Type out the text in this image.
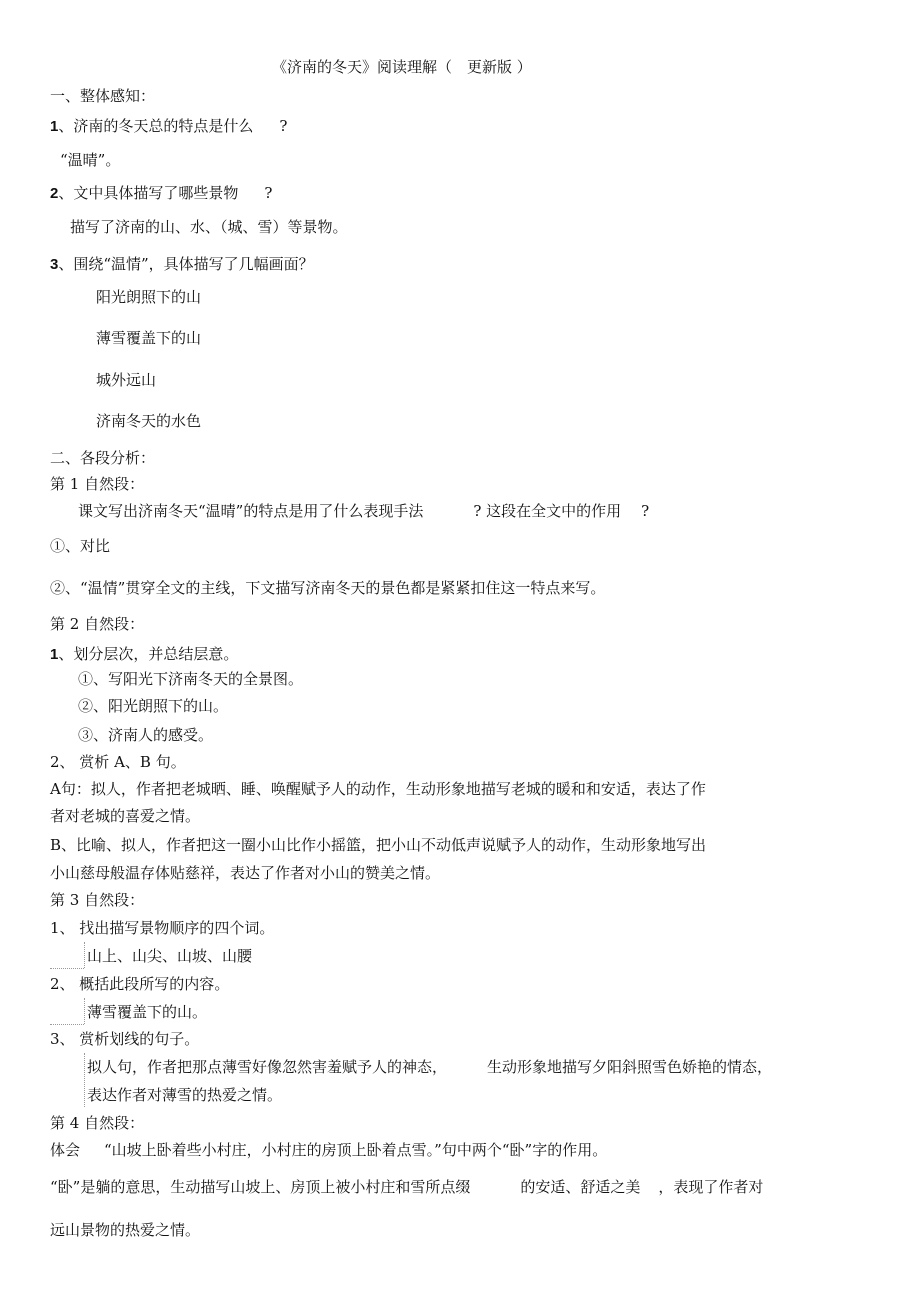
《济南的冬天》阅读理解（　更新版 ）
一、整体感知：
1、济南的冬天总的特点是什么 ?
“温晴”。
2、文中具体描写了哪些景物 ?
描写了济南的山、水、（城、雪）等景物。
3、围绕“温情”，具体描写了几幅画面？
阳光朗照下的山
薄雪覆盖下的山
城外远山
济南冬天的水色
二、各段分析：
第 1 自然段：
课文写出济南冬天“温晴”的特点是用了什么表现手法	? 这段在全文中的作用 ?
①、对比
②、“温情”贯穿全文的主线，下文描写济南冬天的景色都是紧紧扣住这一特点来写。
第 2 自然段：
1、划分层次，并总结层意。
①、写阳光下济南冬天的全景图。
②、阳光朗照下的山。
③、济南人的感受。
2、 赏析 A、B 句。
A句：拟人，作者把老城晒、睡、唤醒赋予人的动作，生动形象地描写老城的暖和和安适，表达了作
者对老城的喜爱之情。
B、比喻、拟人，作者把这一圈小山比作小摇篮，把小山不动低声说赋予人的动作，生动形象地写出
小山慈母般温存体贴慈祥，表达了作者对小山的赞美之情。
第 3 自然段：
1、 找出描写景物顺序的四个词。
山上、山尖、山坡、山腰
2、 概括此段所写的内容。
薄雪覆盖下的山。
3、 赏析划线的句子。
拟人句，作者把那点薄雪好像忽然害羞赋予人的神态，	生动形象地描写夕阳斜照雪色娇艳的情态，
表达作者对薄雪的热爱之情。
第 4 自然段：
体会 “山坡上卧着些小村庄，小村庄的房顶上卧着点雪。”句中两个“卧”字的作用。
“卧”是躺的意思，生动描写山坡上、房顶上被小村庄和雪所点缀	的安适、舒适之美 ，表现了作者对
远山景物的热爱之情。
